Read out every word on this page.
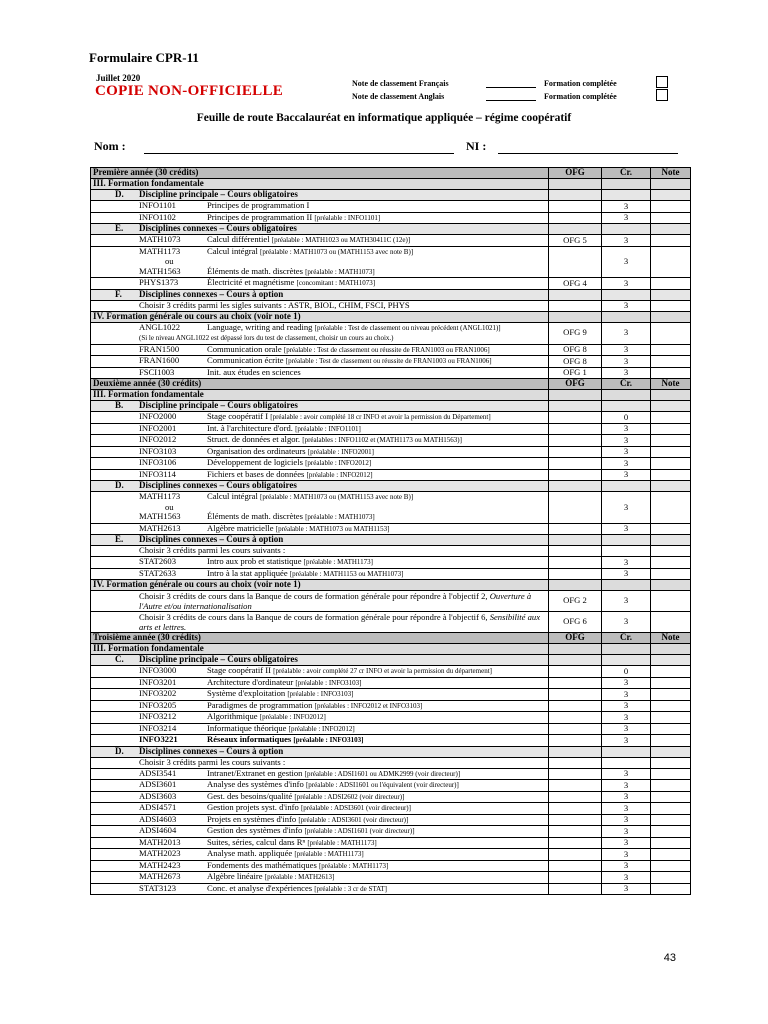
Formulaire CPR-11
Juillet 2020
COPIE NON-OFFICIELLE	Note de classement Français	Formation complétée
Note de classement Anglais	Formation complétée
Feuille de route Baccalauréat en informatique appliquée – régime coopératif
Nom :	NI :
Première année (30 crédits)	OFG	Cr.	Note
III. Formation fondamentale			
D. Discipline principale – Cours obligatoires			
INFO1101 Principes de programmation I		3	
INFO1102 Principes de programmation II [préalable : INFO1101]		3	
E. Disciplines connexes – Cours obligatoires			
MATH1073 Calcul différentiel [préalable : MATH1023 ou MATH30411C (12e)]	OFG 5	3	
MATH1173 Calcul intégral [préalable : MATH1073 ou (MATH1153 avec note B)]
ou
MATH1563 Éléments de math. discrètes [préalable : MATH1073]		3	
PHYS1373 Électricité et magnétisme [concomitant : MATH1073]	OFG 4	3	
F. Disciplines connexes – Cours à option			

Choisir 3 crédits parmi les sigles suivants : ASTR, BIOL, CHIM, FSCI, PHYS		3	
IV. Formation générale ou cours au choix (voir note 1)			
ANGL1022 Language, writing and reading [préalable : Test de classement ou niveau précédent (ANGL1021)]
(Si le niveau ANGL1022 est dépassé lors du test de classement, choisir un cours au choix.)	OFG 9	3	
FRAN1500 Communication orale [préalable : Test de classement ou réussite de FRAN1003 ou FRAN1006]	OFG 8	3	
FRAN1600 Communication écrite [préalable : Test de classement ou réussite de FRAN1003 ou FRAN1006]	OFG 8	3	
FSCI1003 Init. aux études en sciences	OFG 1	3	
Deuxième année (30 crédits)	OFG	Cr.	Note
III. Formation fondamentale			
B. Discipline principale – Cours obligatoires			
INFO2000 Stage coopératif I [préalable : avoir complété 18 cr INFO et avoir la permission du Département]		0	
INFO2001 Int. à l'architecture d'ord. [préalable : INFO1101]		3	
INFO2012 Struct. de données et algor. [préalables : INFO1102 et (MATH1173 ou MATH1563)]		3	
INFO3103 Organisation des ordinateurs [préalable : INFO2001]		3	
INFO3106 Développement de logiciels [préalable : INFO2012]		3	
INFO3114 Fichiers et bases de données [préalable : INFO2012]		3	
D. Disciplines connexes – Cours obligatoires			
MATH1173 Calcul intégral [préalable : MATH1073 ou (MATH1153 avec note B)]
ou
MATH1563 Éléments de math. discrètes [préalable : MATH1073]		3	
MATH2613 Algèbre matricielle [préalable : MATH1073 ou MATH1153]		3	
E. Disciplines connexes – Cours à option			

Choisir 3 crédits parmi les cours suivants :			

STAT2603 Intro aux prob et statistique [préalable : MATH1173]		3	
STAT2633 Intro à la stat appliquée [préalable : MATH1153 ou MATH1073]		3	
IV. Formation générale ou cours au choix (voir note 1)			

Choisir 3 crédits de cours dans la Banque de cours de formation générale pour répondre à l'objectif 2, Ouverture à l'Autre et/ou internationalisation	OFG 2	3	

Choisir 3 crédits de cours dans la Banque de cours de formation générale pour répondre à l'objectif 6, Sensibilité aux arts et lettres.	OFG 6	3	
Troisième année (30 crédits)	OFG	Cr.	Note
III. Formation fondamentale			
C. Discipline principale – Cours obligatoires			
INFO3000 Stage coopératif II [préalable : avoir complété 27 cr INFO et avoir la permission du département]		0	
INFO3201 Architecture d'ordinateur [préalable : INFO3103]		3	
INFO3202 Système d'exploitation [préalable : INFO3103]		3	
INFO3205 Paradigmes de programmation [préalables : INFO2012 et INFO3103]		3	
INFO3212 Algorithmique [préalable : INFO2012]		3	
INFO3214 Informatique théorique [préalable : INFO2012]		3	
INFO3221 Réseaux informatiques [préalable : INFO3103]		3	
D. Disciplines connexes – Cours à option			

Choisir 3 crédits parmi les cours suivants :			

ADSI3541 Intranet/Extranet en gestion [préalable : ADSI1601 ou ADMK2999 (voir directeur)]		3	
ADSI3601 Analyse des systèmes d'info [préalable : ADSI1601 ou l'équivalent (voir directeur)]		3	
ADSI3603 Gest. des besoins/qualité [préalable : ADSI2602 (voir directeur)]		3	
ADSI4571 Gestion projets syst. d'info [préalable : ADSI3601 (voir directeur)]		3	
ADSI4603 Projets en systèmes d'info [préalable : ADSI3601 (voir directeur)]		3	
ADSI4604 Gestion des systèmes d'info [préalable : ADSI1601 (voir directeur)]		3	
MATH2013 Suites, séries, calcul dans Rⁿ [préalable : MATH1173]		3	
MATH2023 Analyse math. appliquée [préalable : MATH1173]		3	
MATH2423 Fondements des mathématiques [préalable : MATH1173]		3	
MATH2673 Algèbre linéaire [préalable : MATH2613]		3	
STAT3123 Conc. et analyse d'expériences [préalable : 3 cr de STAT]		3	
43
